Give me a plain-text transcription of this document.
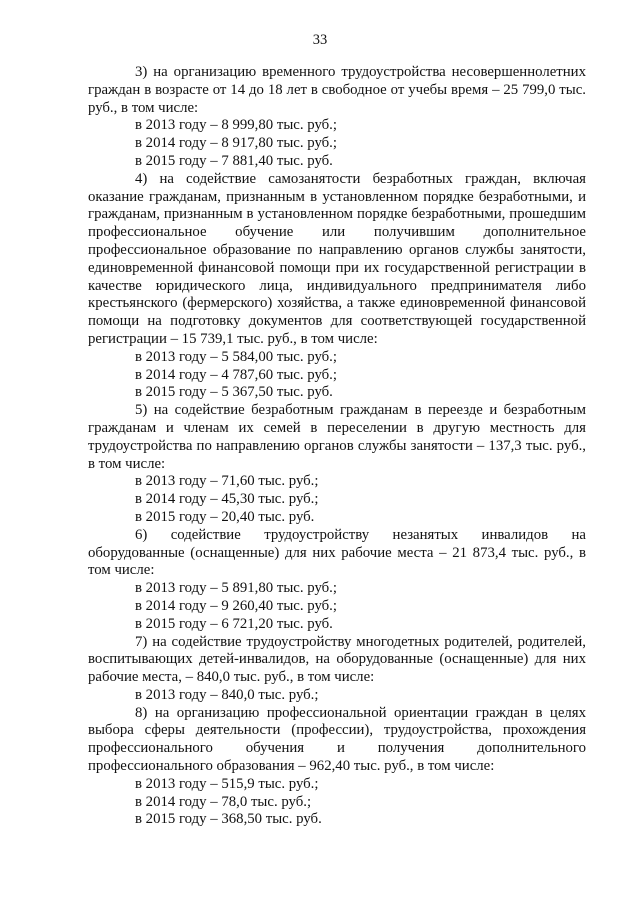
33

3) на организацию временного трудоустройства несовершеннолетних граждан в возрасте от 14 до 18 лет в свободное от учебы время – 25 799,0 тыс. руб., в том числе:

в 2013 году – 8 999,80 тыс. руб.;

в 2014 году – 8 917,80 тыс. руб.;

в 2015 году – 7 881,40 тыс. руб.

4) на содействие самозанятости безработных граждан, включая оказание гражданам, признанным в установленном порядке безработными, и гражданам, признанным в установленном порядке безработными, прошедшим профессиональное обучение или получившим дополнительное профессиональное образование по направлению органов службы занятости, единовременной финансовой помощи при их государственной регистрации в качестве юридического лица, индивидуального предпринимателя либо крестьянского (фермерского) хозяйства, а также единовременной финансовой помощи на подготовку документов для соответствующей государственной регистрации – 15 739,1 тыс. руб., в том числе:

в 2013 году – 5 584,00 тыс. руб.;

в 2014 году – 4 787,60 тыс. руб.;

в 2015 году – 5 367,50 тыс. руб.

5) на содействие безработным гражданам в переезде и безработным гражданам и членам их семей в переселении в другую местность для трудоустройства по направлению органов службы занятости – 137,3 тыс. руб., в том числе:

в 2013 году – 71,60 тыс. руб.;

в 2014 году – 45,30 тыс. руб.;

в 2015 году – 20,40 тыс. руб.

6) содействие трудоустройству незанятых инвалидов на оборудованные (оснащенные) для них рабочие места – 21 873,4 тыс. руб., в том числе:

в 2013 году – 5 891,80 тыс. руб.;

в 2014 году – 9 260,40 тыс. руб.;

в 2015 году – 6 721,20 тыс. руб.

7) на содействие трудоустройству многодетных родителей, родителей, воспитывающих детей-инвалидов, на оборудованные (оснащенные) для них рабочие места, – 840,0 тыс. руб., в том числе:

в 2013 году – 840,0 тыс. руб.;

8) на организацию профессиональной ориентации граждан в целях выбора сферы деятельности (профессии), трудоустройства, прохождения профессионального обучения и получения дополнительного профессионального образования – 962,40 тыс. руб., в том числе:

в 2013 году – 515,9 тыс. руб.;

в 2014 году – 78,0 тыс. руб.;

в 2015 году – 368,50 тыс. руб.
